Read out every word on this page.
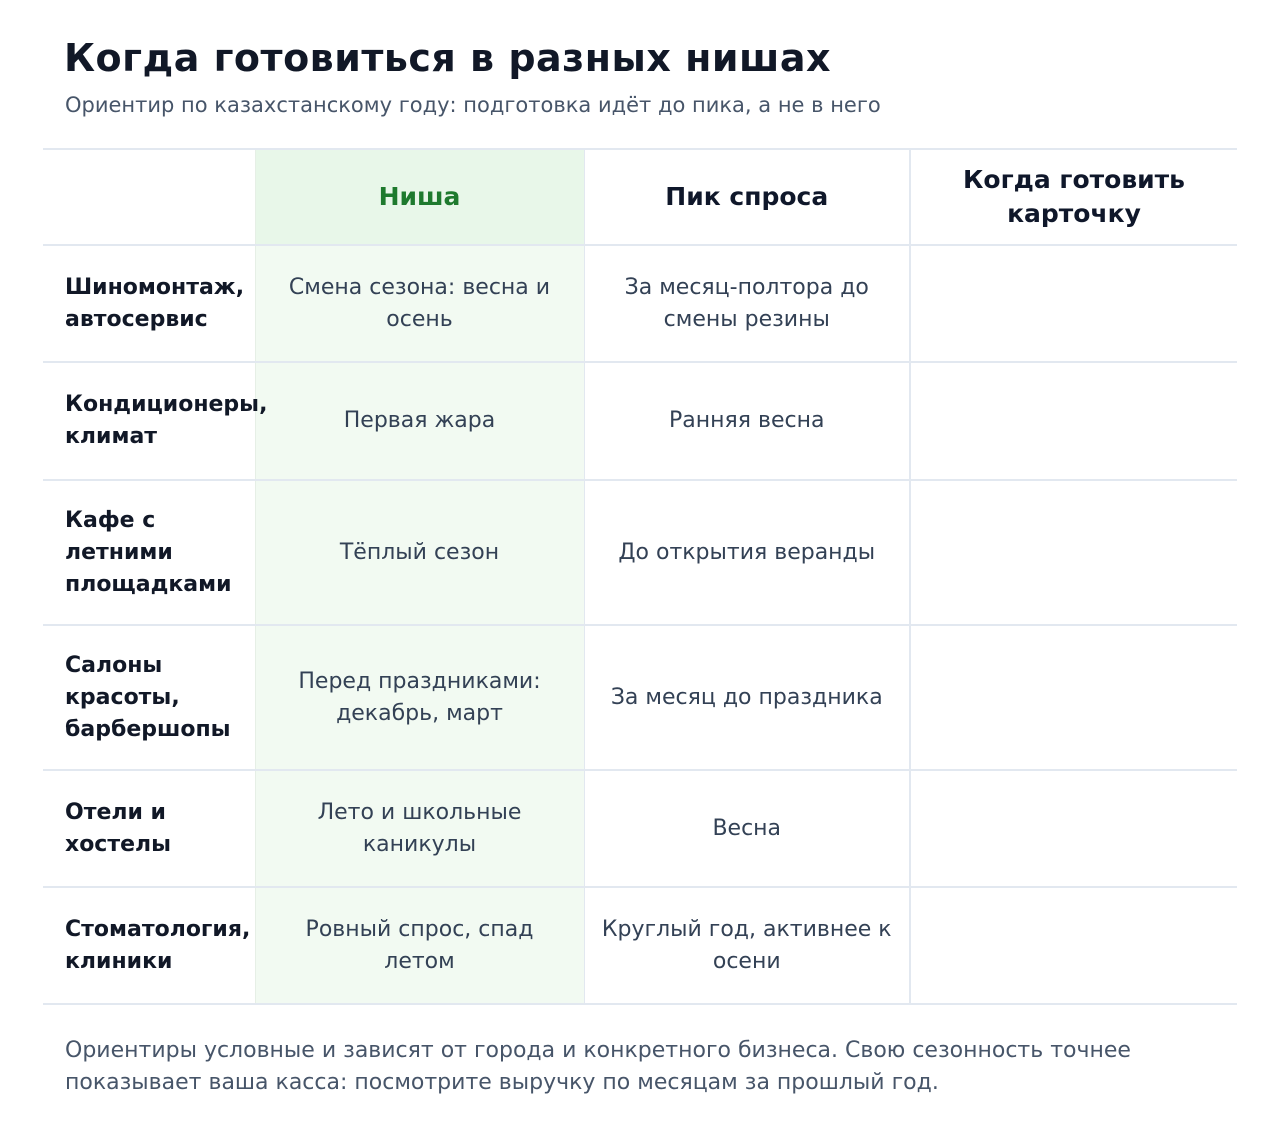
Когда готовиться в разных нишах

Ориентир по казахстанскому году: подготовка идёт до пика, а не в него

	Ниша	Пик спроса	Когда готовить карточку
Шиномонтаж, автосервис	Смена сезона: весна и осень	За месяц-полтора до смены резины	
Кондиционеры, климат	Первая жара	Ранняя весна	
Кафе с летними площадками	Тёплый сезон	До открытия веранды	
Салоны красоты, барбершопы	Перед праздниками: декабрь, март	За месяц до праздника	
Отели и хостелы	Лето и школьные каникулы	Весна	
Стоматология, клиники	Ровный спрос, спад летом	Круглый год, активнее к осени	

Ориентиры условные и зависят от города и конкретного бизнеса. Свою сезонность точнее показывает ваша касса: посмотрите выручку по месяцам за прошлый год.
